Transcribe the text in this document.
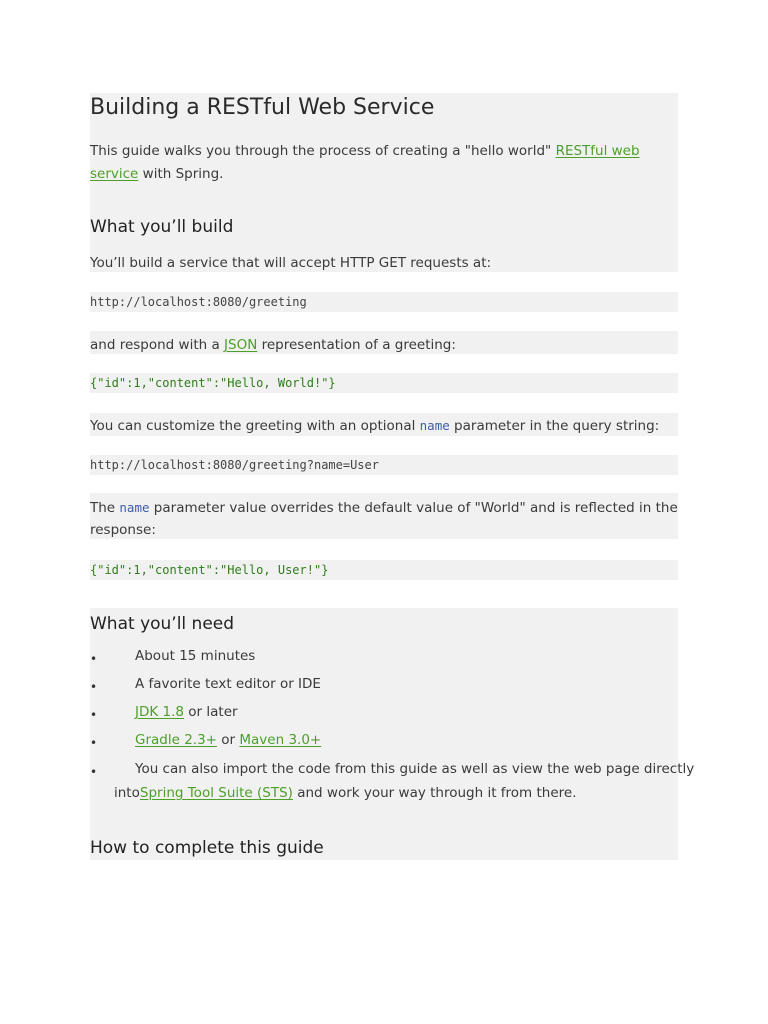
Building a RESTful Web Service
This guide walks you through the process of creating a "hello world" RESTful web
service with Spring.
What you’ll build
You’ll build a service that will accept HTTP GET requests at:
http://localhost:8080/greeting
and respond with a JSON representation of a greeting:
{"id":1,"content":"Hello, World!"}
You can customize the greeting with an optional name parameter in the query string:
http://localhost:8080/greeting?name=User
The name parameter value overrides the default value of "World" and is reflected in the
response:
{"id":1,"content":"Hello, User!"}
What you’ll need
•	About 15 minutes
•	A favorite text editor or IDE
•	JDK 1.8 or later
•	Gradle 2.3+ or Maven 3.0+
•	You can also import the code from this guide as well as view the web page directly
intoSpring Tool Suite (STS) and work your way through it from there.
How to complete this guide
